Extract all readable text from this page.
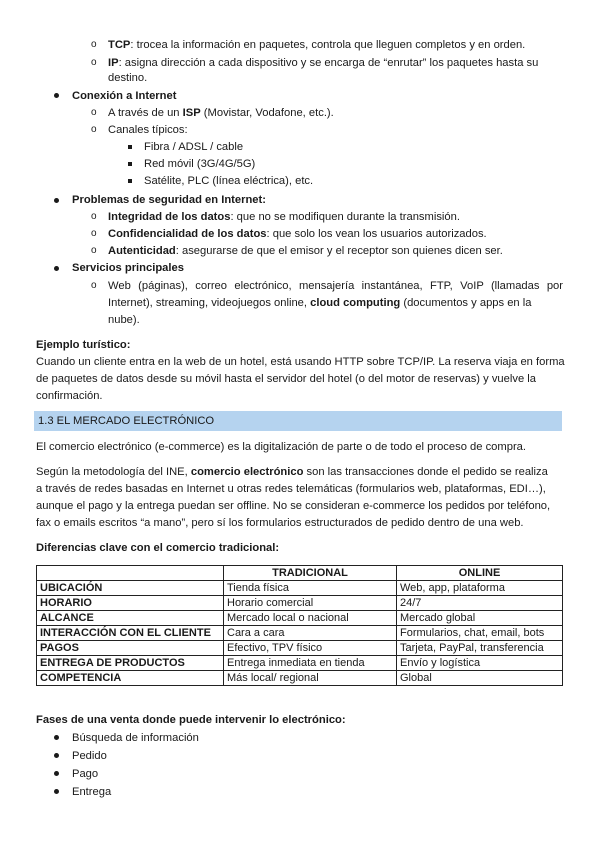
o TCP: trocea la información en paquetes, controla que lleguen completos y en orden.
o IP: asigna dirección a cada dispositivo y se encarga de “enrutar” los paquetes hasta su
destino.
Conexión a Internet
o A través de un ISP (Movistar, Vodafone, etc.).
o Canales típicos:
Fibra / ADSL / cable
Red móvil (3G/4G/5G)
Satélite, PLC (línea eléctrica), etc.
Problemas de seguridad en Internet:
o Integridad de los datos: que no se modifiquen durante la transmisión.
o Confidencialidad de los datos: que solo los vean los usuarios autorizados.
o Autenticidad: asegurarse de que el emisor y el receptor son quienes dicen ser.
Servicios principales
o Web (páginas), correo electrónico, mensajería instantánea, FTP, VoIP (llamadas por
Internet), streaming, videojuegos online, cloud computing (documentos y apps en la
nube).
Ejemplo turístico:
Cuando un cliente entra en la web de un hotel, está usando HTTP sobre TCP/IP. La reserva viaja en forma
de paquetes de datos desde su móvil hasta el servidor del hotel (o del motor de reservas) y vuelve la
confirmación.
1.3 EL MERCADO ELECTRÓNICO
El comercio electrónico (e-commerce) es la digitalización de parte o de todo el proceso de compra.
Según la metodología del INE, comercio electrónico son las transacciones donde el pedido se realiza
a través de redes basadas en Internet u otras redes telemáticas (formularios web, plataformas, EDI…),
aunque el pago y la entrega puedan ser offline. No se consideran e-commerce los pedidos por teléfono,
fax o emails escritos “a mano”, pero sí los formularios estructurados de pedido dentro de una web.
Diferencias clave con el comercio tradicional:
	TRADICIONAL	ONLINE
UBICACIÓN	Tienda física	Web, app, plataforma
HORARIO	Horario comercial	24/7
ALCANCE	Mercado local o nacional	Mercado global
INTERACCIÓN CON EL CLIENTE	Cara a cara	Formularios, chat, email, bots
PAGOS	Efectivo, TPV físico	Tarjeta, PayPal, transferencia
ENTREGA DE PRODUCTOS	Entrega inmediata en tienda	Envío y logística
COMPETENCIA	Más local/ regional	Global
Fases de una venta donde puede intervenir lo electrónico:
Búsqueda de información
Pedido
Pago
Entrega
